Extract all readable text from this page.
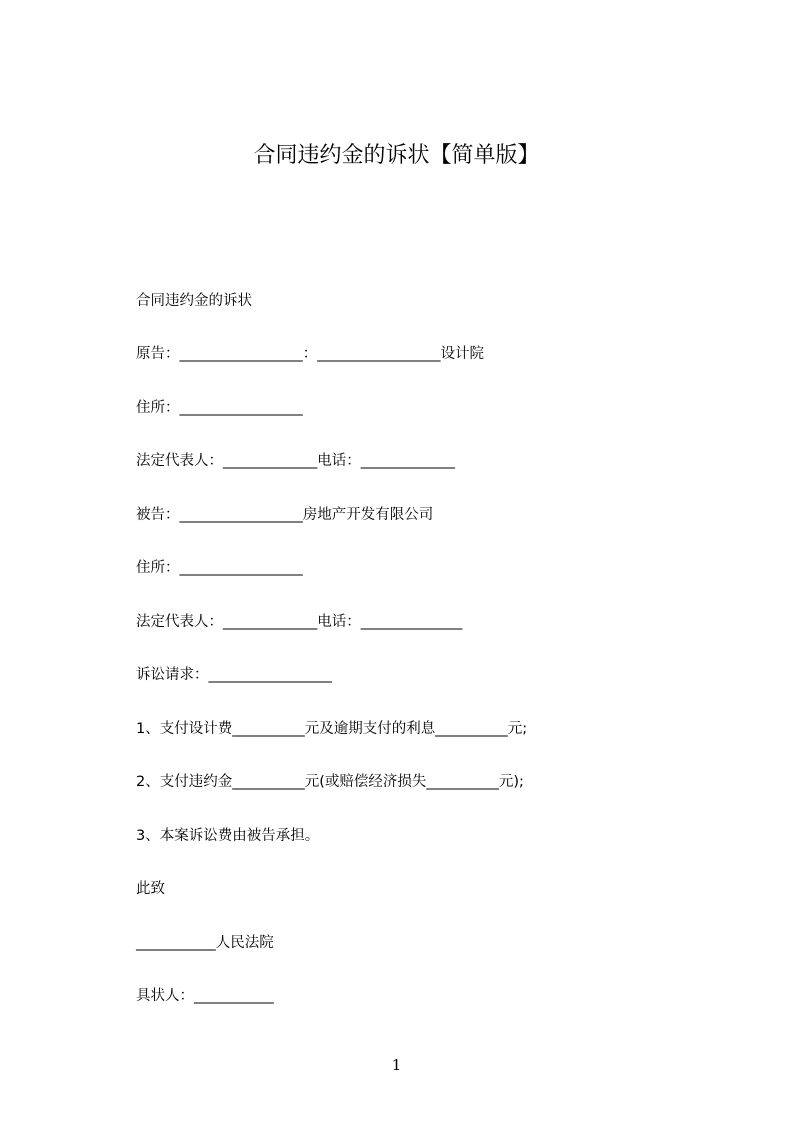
合同违约金的诉状【简单版】
合同违约金的诉状
原告：_________________：_________________设计院
住所：_________________
法定代表人：_____________电话：_____________
被告：_________________房地产开发有限公司
住所：_________________
法定代表人：_____________电话：______________
诉讼请求：_________________
1、支付设计费__________元及逾期支付的利息__________元;
2、支付违约金__________元(或赔偿经济损失__________元);
3、本案诉讼费由被告承担。
此致
___________人民法院
具状人：___________
1
